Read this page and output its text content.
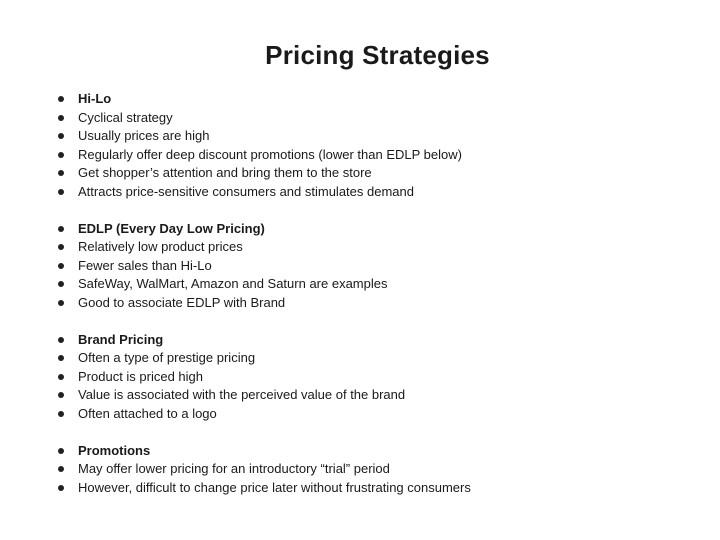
Pricing Strategies
Hi-Lo
Cyclical strategy
Usually prices are high
Regularly offer deep discount promotions (lower than EDLP below)
Get shopper’s attention and bring them to the store
Attracts price-sensitive consumers and stimulates demand
EDLP (Every Day Low Pricing)
Relatively low product prices
Fewer sales than Hi-Lo
SafeWay, WalMart, Amazon and Saturn are examples
Good to associate EDLP with Brand
Brand Pricing
Often a type of prestige pricing
Product is priced high
Value is associated with the perceived value of the brand
Often attached to a logo
Promotions
May offer lower pricing for an introductory “trial” period
However, difficult to change price later without frustrating consumers
